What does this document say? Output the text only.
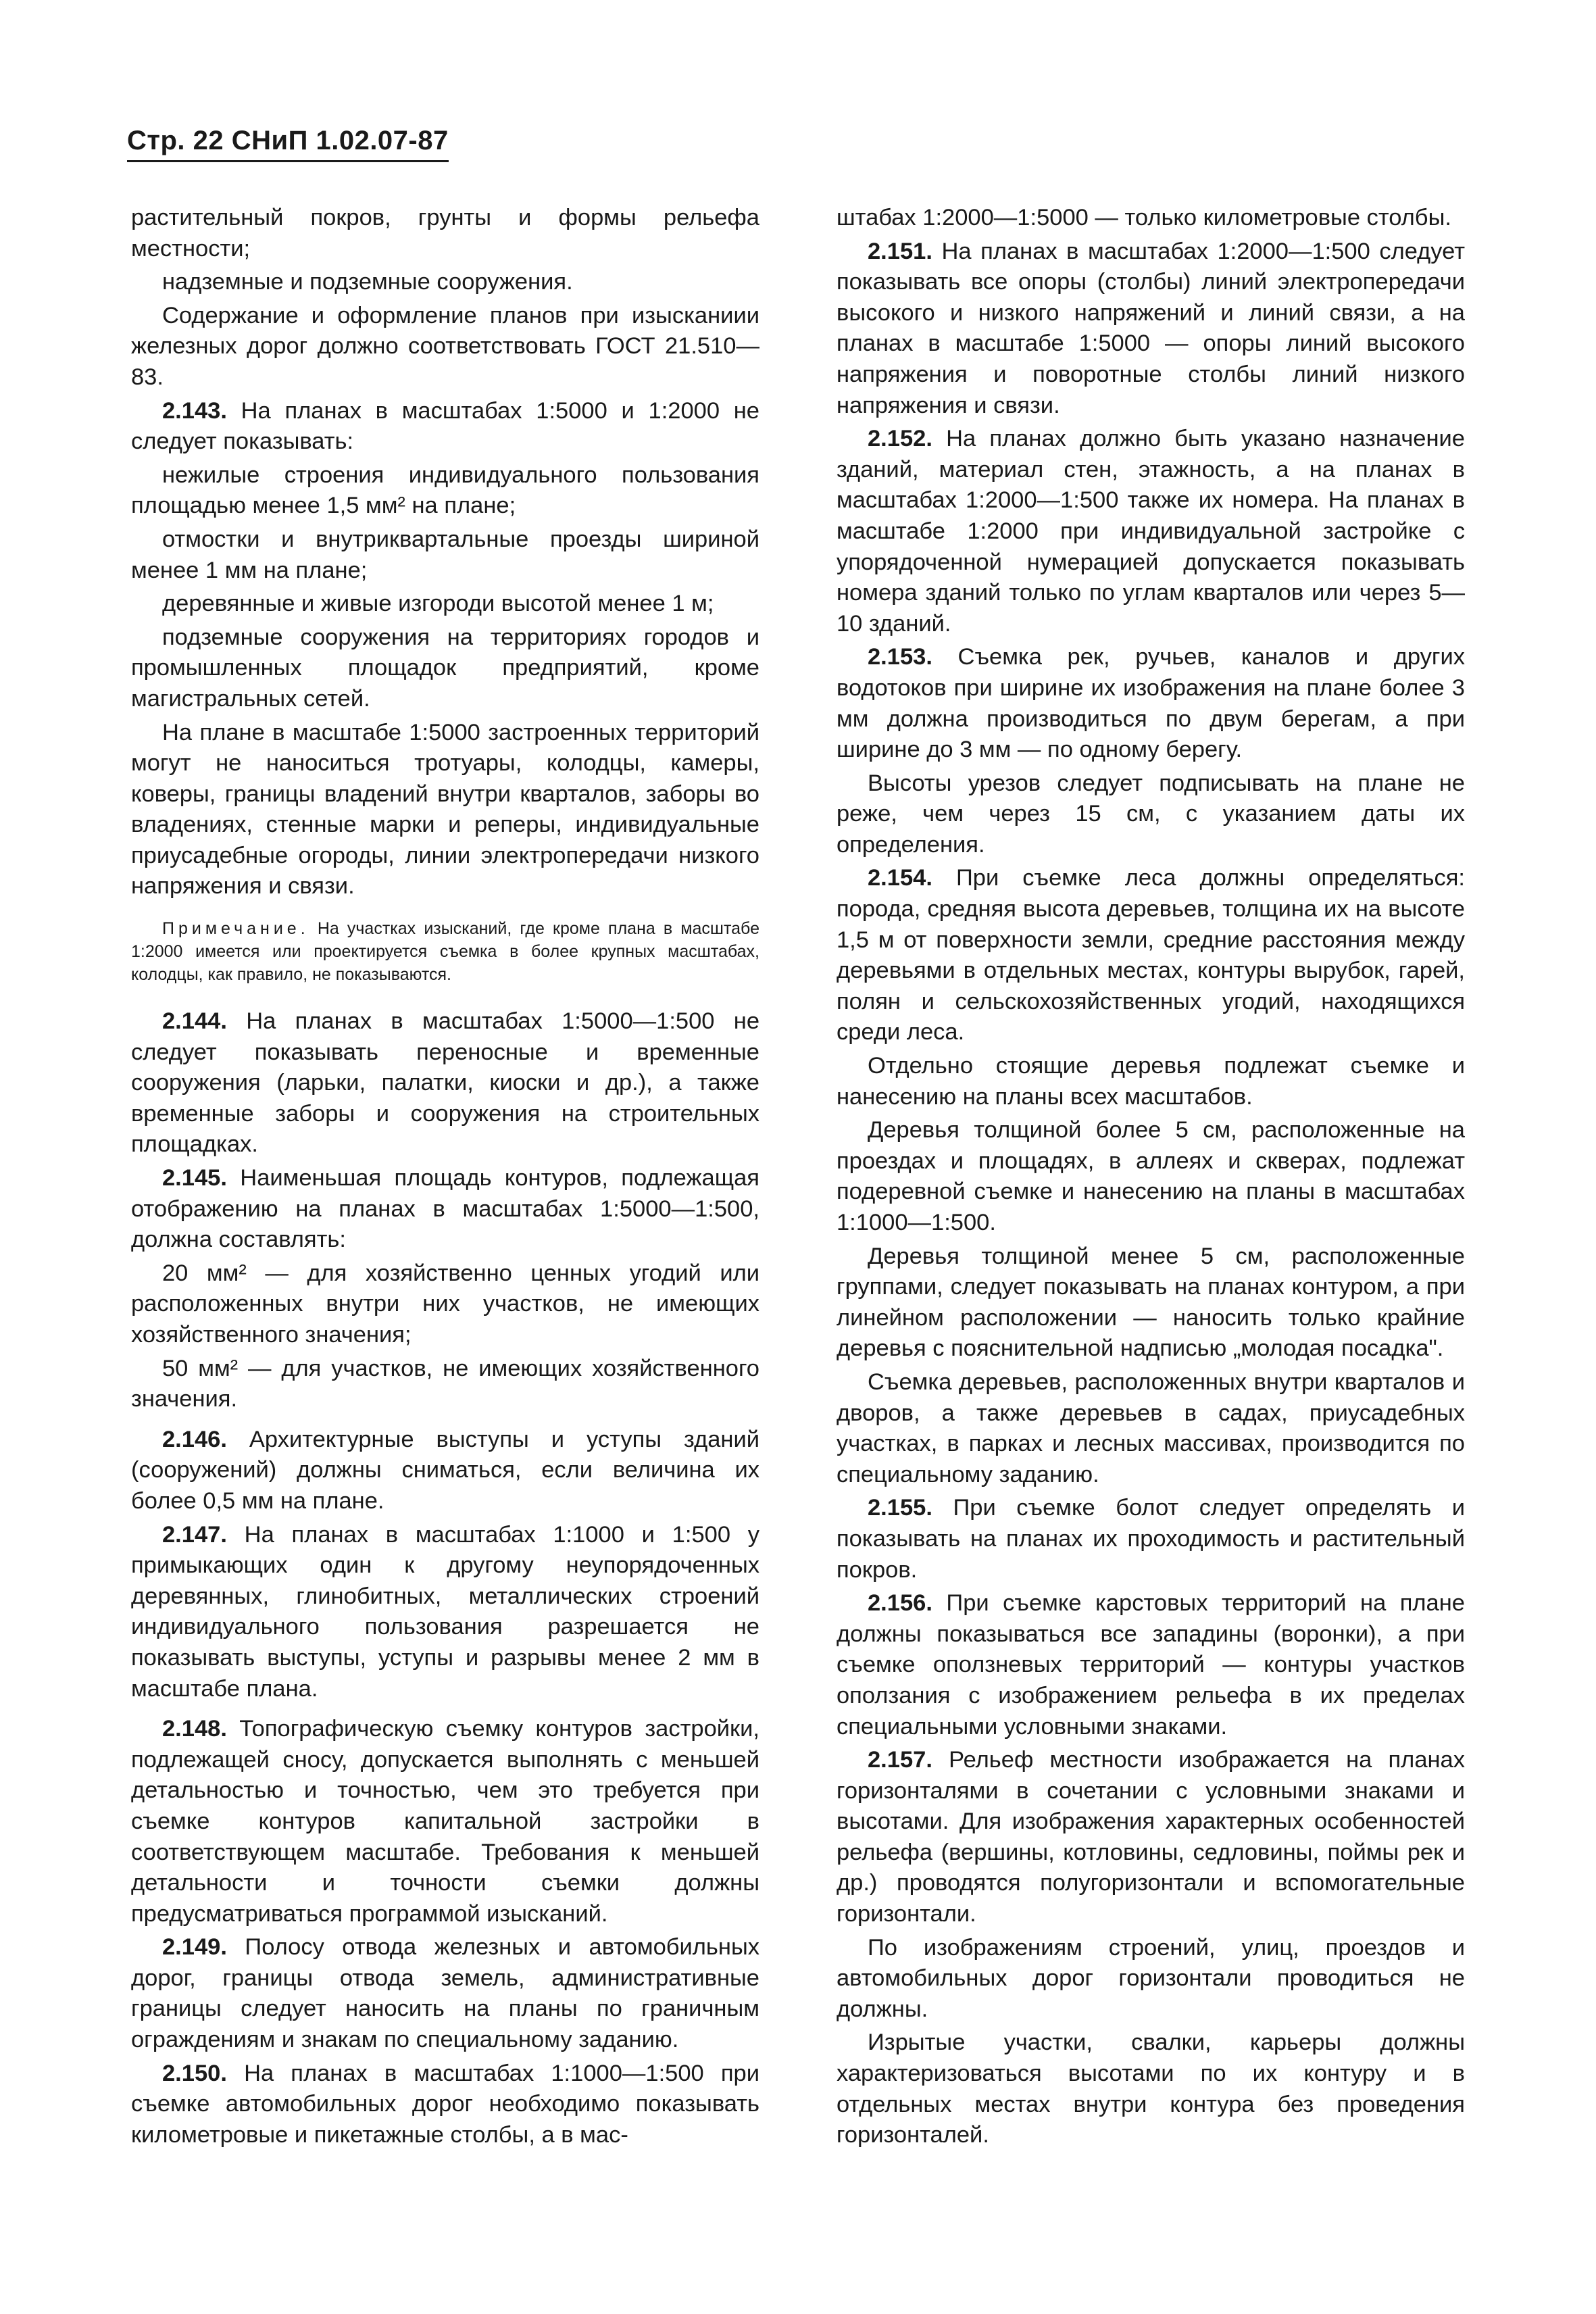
Стр. 22 СНиП 1.02.07-87

растительный покров, грунты и формы рельефа местности;

надземные и подземные сооружения.

Содержание и оформление планов при изысканиии железных дорог должно соответствовать ГОСТ 21.510—83.

2.143. На планах в масштабах 1:5000 и 1:2000 не следует показывать:

нежилые строения индивидуального пользования площадью менее 1,5 мм² на плане;

отмостки и внутриквартальные проезды шириной менее 1 мм на плане;

деревянные и живые изгороди высотой менее 1 м;

подземные сооружения на территориях городов и промышленных площадок предприятий, кроме магистральных сетей.

На плане в масштабе 1:5000 застроенных территорий могут не наноситься тротуары, колодцы, камеры, коверы, границы владений внутри кварталов, заборы во владениях, стенные марки и реперы, индивидуальные приусадебные огороды, линии электропередачи низкого напряжения и связи.

Примечание. На участках изысканий, где кроме плана в масштабе 1:2000 имеется или проектируется съемка в более крупных масштабах, колодцы, как правило, не показываются.

2.144. На планах в масштабах 1:5000—1:500 не следует показывать переносные и временные сооружения (ларьки, палатки, киоски и др.), а также временные заборы и сооружения на строительных площадках.

2.145. Наименьшая площадь контуров, подлежащая отображению на планах в масштабах 1:5000—1:500, должна составлять:

20 мм² — для хозяйственно ценных угодий или расположенных внутри них участков, не имеющих хозяйственного значения;

50 мм² — для участков, не имеющих хозяйственного значения.

2.146. Архитектурные выступы и уступы зданий (сооружений) должны сниматься, если величина их более 0,5 мм на плане.

2.147. На планах в масштабах 1:1000 и 1:500 у примыкающих один к другому неупорядоченных деревянных, глинобитных, металлических строений индивидуального пользования разрешается не показывать выступы, уступы и разрывы менее 2 мм в масштабе плана.

2.148. Топографическую съемку контуров застройки, подлежащей сносу, допускается выполнять с меньшей детальностью и точностью, чем это требуется при съемке контуров капитальной застройки в соответствующем масштабе. Требования к меньшей детальности и точности съемки должны предусматриваться программой изысканий.

2.149. Полосу отвода железных и автомобильных дорог, границы отвода земель, административные границы следует наносить на планы по граничным ограждениям и знакам по специальному заданию.

2.150. На планах в масштабах 1:1000—1:500 при съемке автомобильных дорог необходимо показывать километровые и пикетажные столбы, а в мас-

штабах 1:2000—1:5000 — только километровые столбы.

2.151. На планах в масштабах 1:2000—1:500 следует показывать все опоры (столбы) линий электропередачи высокого и низкого напряжений и линий связи, а на планах в масштабе 1:5000 — опоры линий высокого напряжения и поворотные столбы линий низкого напряжения и связи.

2.152. На планах должно быть указано назначение зданий, материал стен, этажность, а на планах в масштабах 1:2000—1:500 также их номера. На планах в масштабе 1:2000 при индивидуальной застройке с упорядоченной нумерацией допускается показывать номера зданий только по углам кварталов или через 5—10 зданий.

2.153. Съемка рек, ручьев, каналов и других водотоков при ширине их изображения на плане более 3 мм должна производиться по двум берегам, а при ширине до 3 мм — по одному берегу.

Высоты урезов следует подписывать на плане не реже, чем через 15 см, с указанием даты их определения.

2.154. При съемке леса должны определяться: порода, средняя высота деревьев, толщина их на высоте 1,5 м от поверхности земли, средние расстояния между деревьями в отдельных местах, контуры вырубок, гарей, полян и сельскохозяйственных угодий, находящихся среди леса.

Отдельно стоящие деревья подлежат съемке и нанесению на планы всех масштабов.

Деревья толщиной более 5 см, расположенные на проездах и площадях, в аллеях и скверах, подлежат подеревной съемке и нанесению на планы в масштабах 1:1000—1:500.

Деревья толщиной менее 5 см, расположенные группами, следует показывать на планах контуром, а при линейном расположении — наносить только крайние деревья с пояснительной надписью „молодая посадка".

Съемка деревьев, расположенных внутри кварталов и дворов, а также деревьев в садах, приусадебных участках, в парках и лесных массивах, производится по специальному заданию.

2.155. При съемке болот следует определять и показывать на планах их проходимость и растительный покров.

2.156. При съемке карстовых территорий на плане должны показываться все западины (воронки), а при съемке оползневых территорий — контуры участков оползания с изображением рельефа в их пределах специальными условными знаками.

2.157. Рельеф местности изображается на планах горизонталями в сочетании с условными знаками и высотами. Для изображения характерных особенностей рельефа (вершины, котловины, седловины, поймы рек и др.) проводятся полугоризонтали и вспомогательные горизонтали.

По изображениям строений, улиц, проездов и автомобильных дорог горизонтали проводиться не должны.

Изрытые участки, свалки, карьеры должны характеризоваться высотами по их контуру и в отдельных местах внутри контура без проведения горизонталей.
